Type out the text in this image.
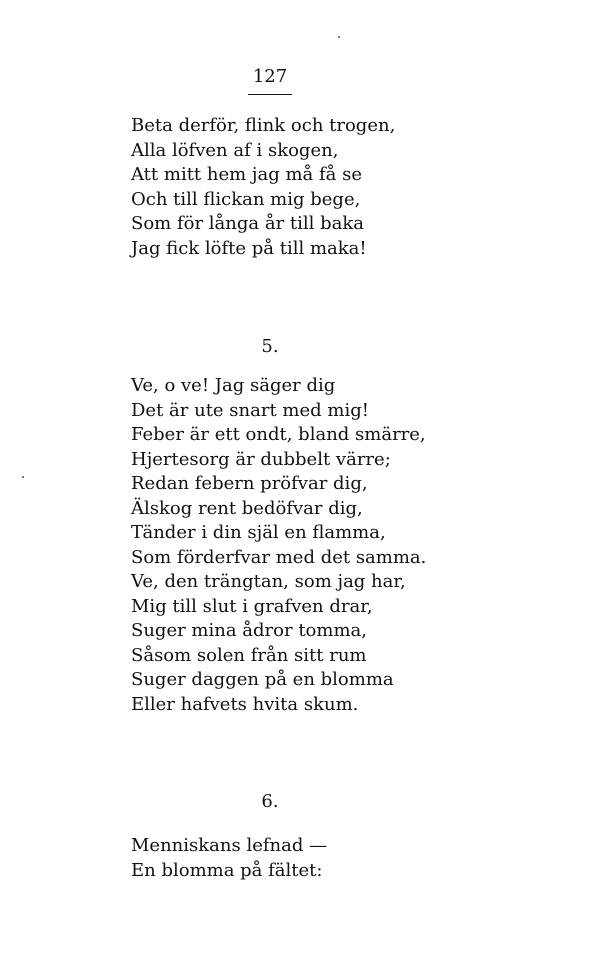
127
Beta derför, flink och trogen,
Alla löfven af i skogen,
Att mitt hem jag må få se
Och till flickan mig bege,
Som för långa år till baka
Jag fick löfte på till maka!
5.
Ve, o ve! Jag säger dig
Det är ute snart med mig!
Feber är ett ondt, bland smärre,
Hjertesorg är dubbelt värre;
Redan febern pröfvar dig,
Älskog rent bedöfvar dig,
Tänder i din själ en flamma,
Som förderfvar med det samma.
Ve, den trängtan, som jag har,
Mig till slut i grafven drar,
Suger mina ådror tomma,
Såsom solen från sitt rum
Suger daggen på en blomma
Eller hafvets hvita skum.
6.
Menniskans lefnad —
En blomma på fältet:
